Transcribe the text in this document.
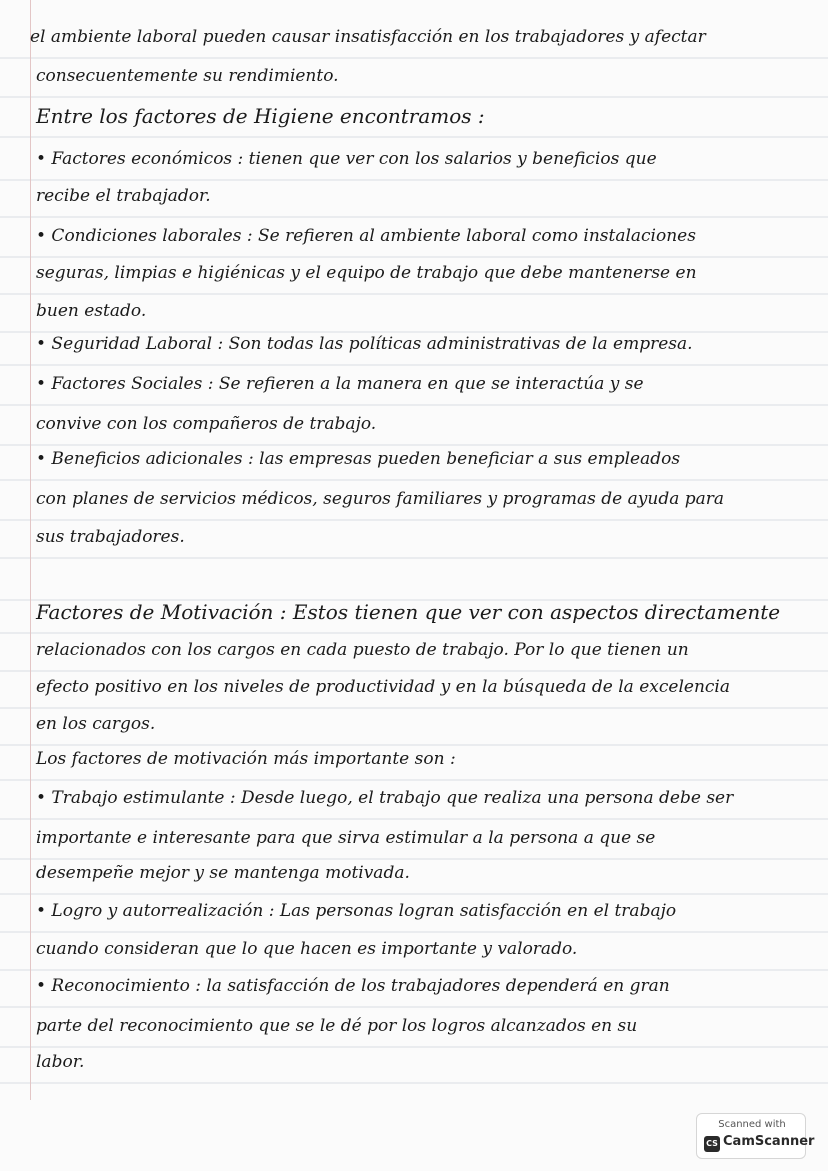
el ambiente laboral pueden causar insatisfacción en los trabajadores y afectar
consecuentemente su rendimiento.
Entre los factores de Higiene encontramos :
• Factores económicos : tienen que ver con los salarios y beneficios que
recibe el trabajador.
• Condiciones laborales : Se refieren al ambiente laboral como instalaciones
seguras, limpias e higiénicas y el equipo de trabajo que debe mantenerse en
buen estado.
• Seguridad Laboral : Son todas las políticas administrativas de la empresa.
• Factores Sociales : Se refieren a la manera en que se interactúa y se
convive con los compañeros de trabajo.
• Beneficios adicionales : las empresas pueden beneficiar a sus empleados
con planes de servicios médicos, seguros familiares y programas de ayuda para
sus trabajadores.
Factores de Motivación : Estos tienen que ver con aspectos directamente
relacionados con los cargos en cada puesto de trabajo. Por lo que tienen un
efecto positivo en los niveles de productividad y en la búsqueda de la excelencia
en los cargos.
Los factores de motivación más importante son :
• Trabajo estimulante : Desde luego, el trabajo que realiza una persona debe ser
importante e interesante para que sirva estimular a la persona a que se
desempeñe mejor y se mantenga motivada.
• Logro y autorrealización : Las personas logran satisfacción en el trabajo
cuando consideran que lo que hacen es importante y valorado.
• Reconocimiento : la satisfacción de los trabajadores dependerá en gran
parte del reconocimiento que se le dé por los logros alcanzados en su
labor.
Scanned with
CS CamScanner
